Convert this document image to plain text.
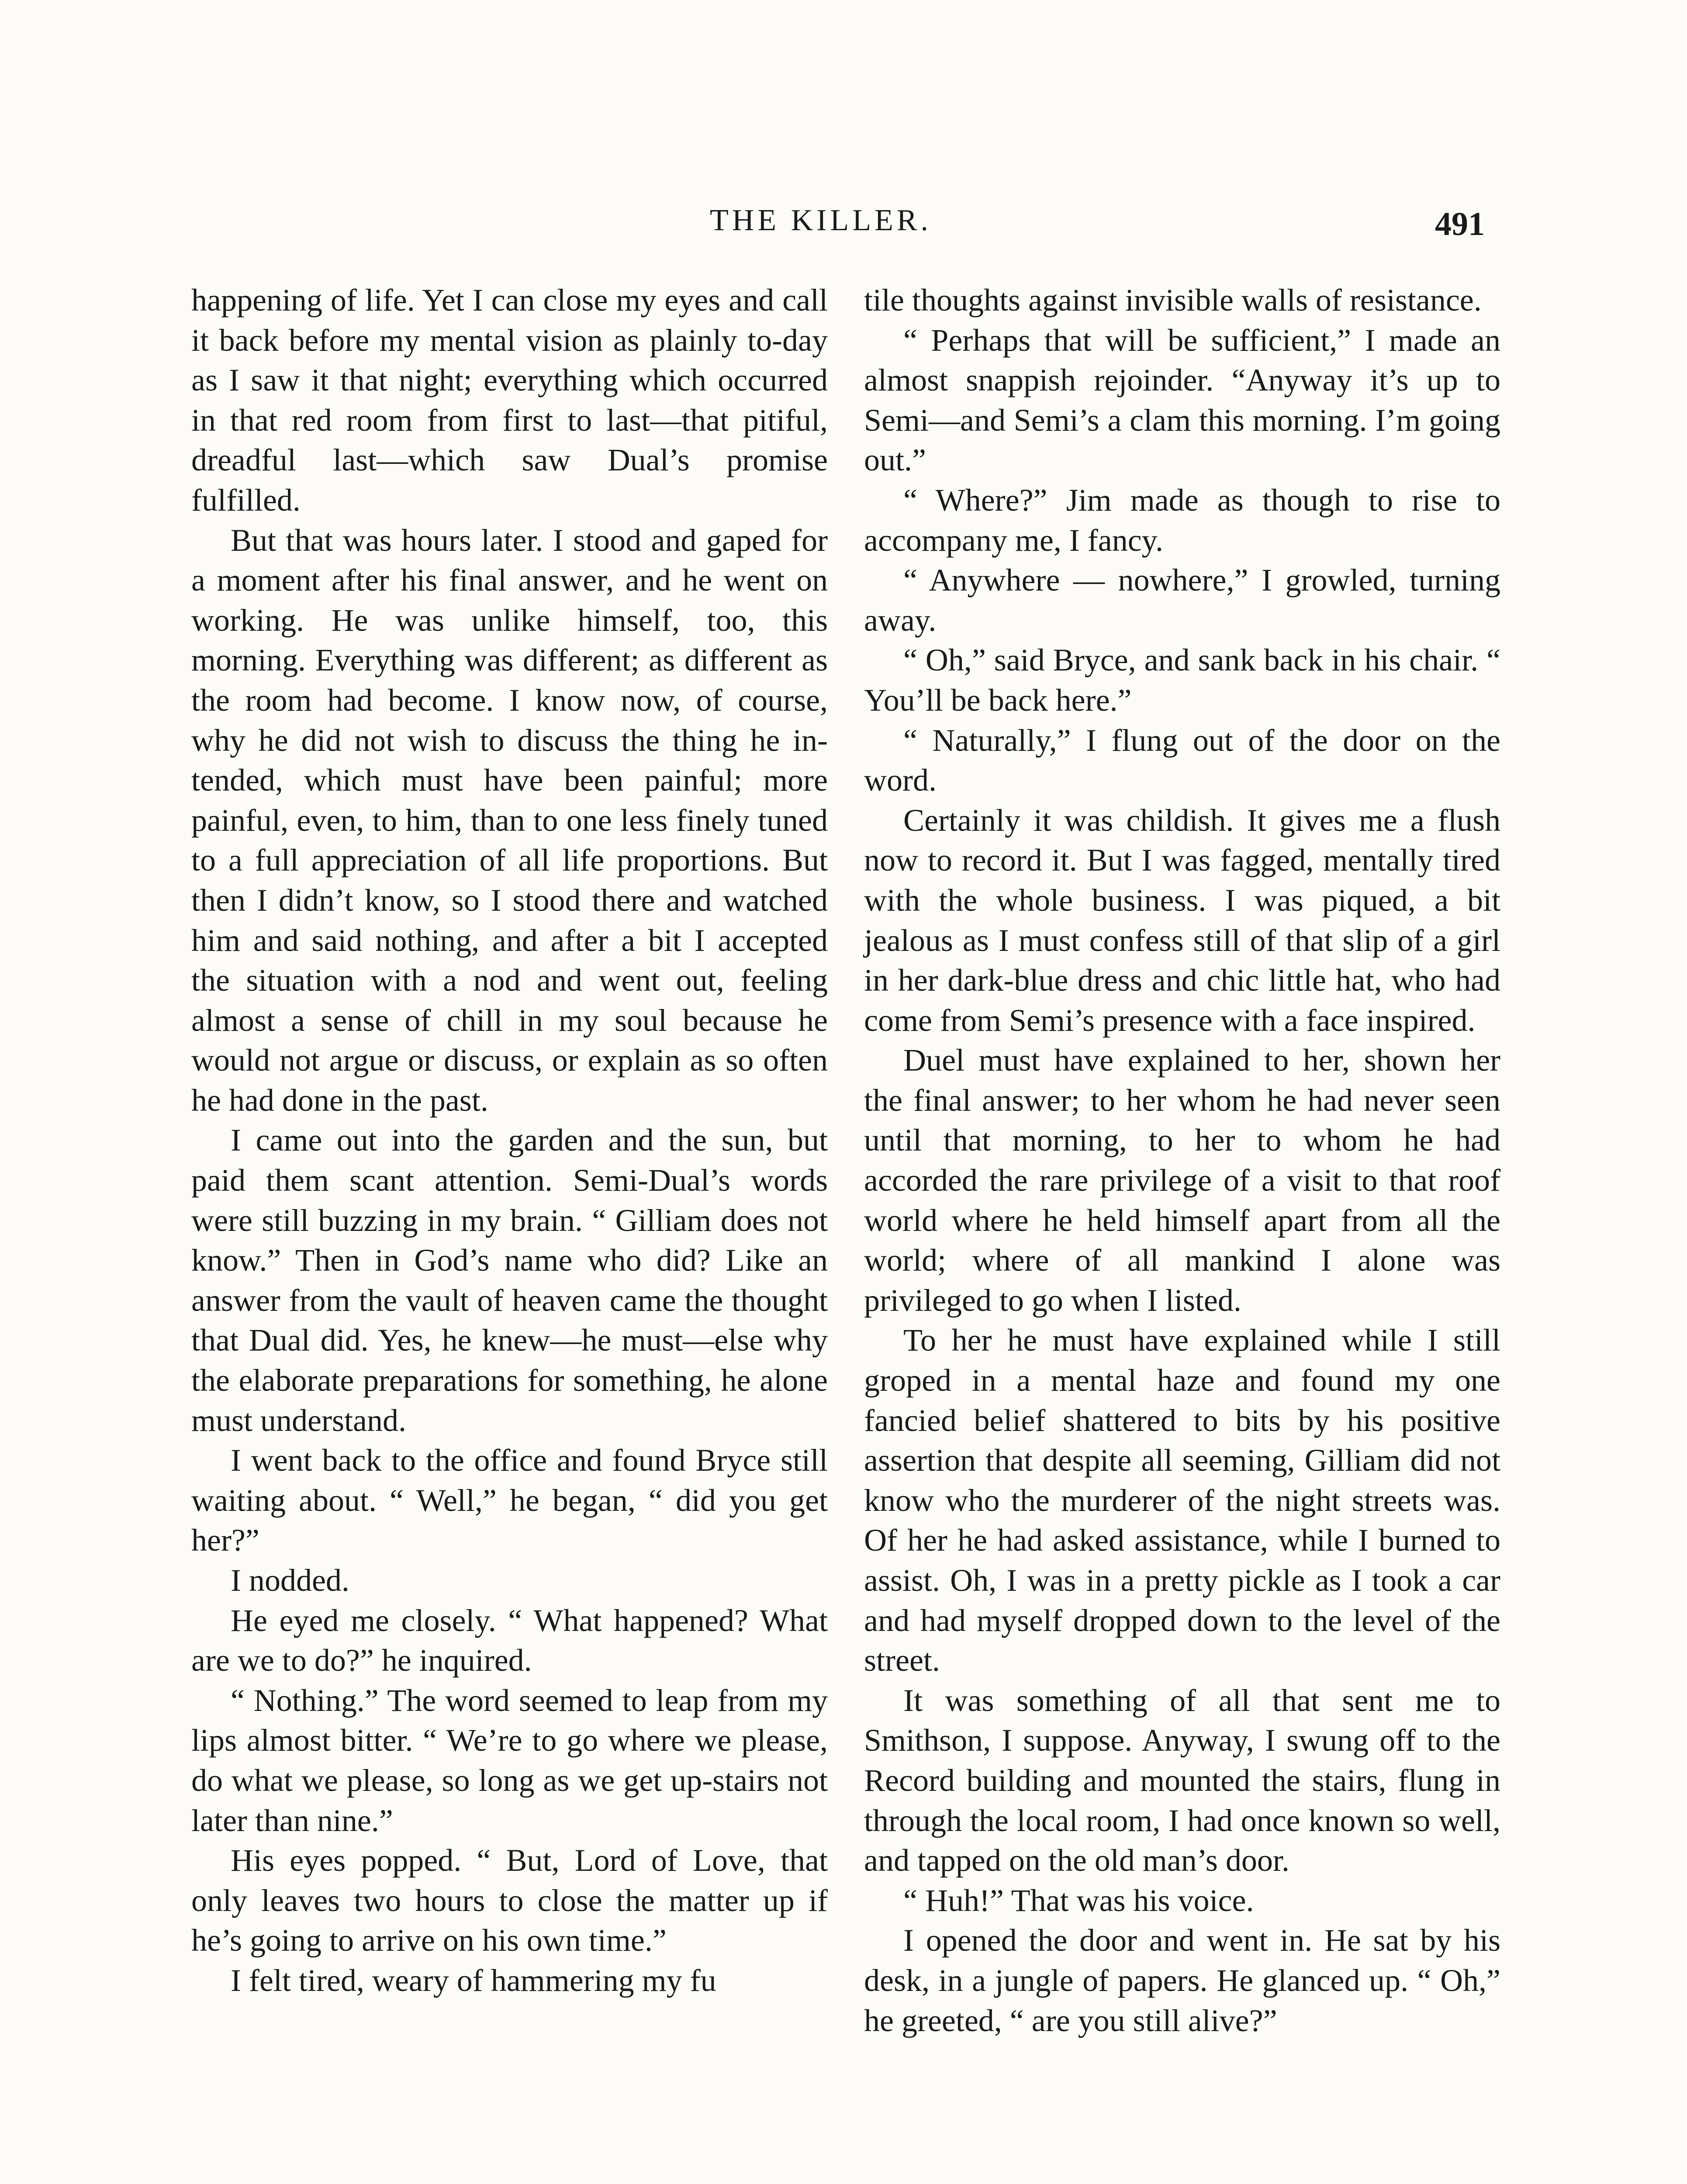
THE KILLER.	491

happening of life. Yet I can close my eyes and call it back before my mental vision as plainly to-day as I saw it that night; everything which occurred in that red room from first to last—that pitiful, dreadful last—which saw Dual’s promise fulfilled.

But that was hours later. I stood and gaped for a moment after his final answer, and he went on working. He was unlike himself, too, this morning. Everything was different; as different as the room had become. I know now, of course, why he did not wish to discuss the thing he intended, which must have been painful; more painful, even, to him, than to one less finely tuned to a full appreciation of all life proportions. But then I didn’t know, so I stood there and watched him and said nothing, and after a bit I accepted the situation with a nod and went out, feeling almost a sense of chill in my soul because he would not argue or discuss, or explain as so often he had done in the past.

I came out into the garden and the sun, but paid them scant attention. Semi-Dual’s words were still buzzing in my brain. “ Gilliam does not know.” Then in God’s name who did? Like an answer from the vault of heaven came the thought that Dual did. Yes, he knew—he must—else why the elaborate preparations for something, he alone must understand.

I went back to the office and found Bryce still waiting about. “ Well,” he began, “ did you get her?”

I nodded.

He eyed me closely. “ What happened? What are we to do?” he inquired.

“ Nothing.” The word seemed to leap from my lips almost bitter. “ We’re to go where we please, do what we please, so long as we get up-stairs not later than nine.”

His eyes popped. “ But, Lord of Love, that only leaves two hours to close the matter up if he’s going to arrive on his own time.”

I felt tired, weary of hammering my fu

tile thoughts against invisible walls of resistance.

“ Perhaps that will be sufficient,” I made an almost snappish rejoinder. “Anyway it’s up to Semi—and Semi’s a clam this morning. I’m going out.”

“ Where?” Jim made as though to rise to accompany me, I fancy.

“ Anywhere — nowhere,” I growled, turning away.

“ Oh,” said Bryce, and sank back in his chair. “ You’ll be back here.”

“ Naturally,” I flung out of the door on the word.

Certainly it was childish. It gives me a flush now to record it. But I was fagged, mentally tired with the whole business. I was piqued, a bit jealous as I must confess still of that slip of a girl in her dark-blue dress and chic little hat, who had come from Semi’s presence with a face inspired.

Duel must have explained to her, shown her the final answer; to her whom he had never seen until that morning, to her to whom he had accorded the rare privilege of a visit to that roof world where he held himself apart from all the world; where of all mankind I alone was privileged to go when I listed.

To her he must have explained while I still groped in a mental haze and found my one fancied belief shattered to bits by his positive assertion that despite all seeming, Gilliam did not know who the murderer of the night streets was. Of her he had asked assistance, while I burned to assist. Oh, I was in a pretty pickle as I took a car and had myself dropped down to the level of the street.

It was something of all that sent me to Smithson, I suppose. Anyway, I swung off to the Record building and mounted the stairs, flung in through the local room, I had once known so well, and tapped on the old man’s door.

“ Huh!” That was his voice.

I opened the door and went in. He sat by his desk, in a jungle of papers. He glanced up. “ Oh,” he greeted, “ are you still alive?”
